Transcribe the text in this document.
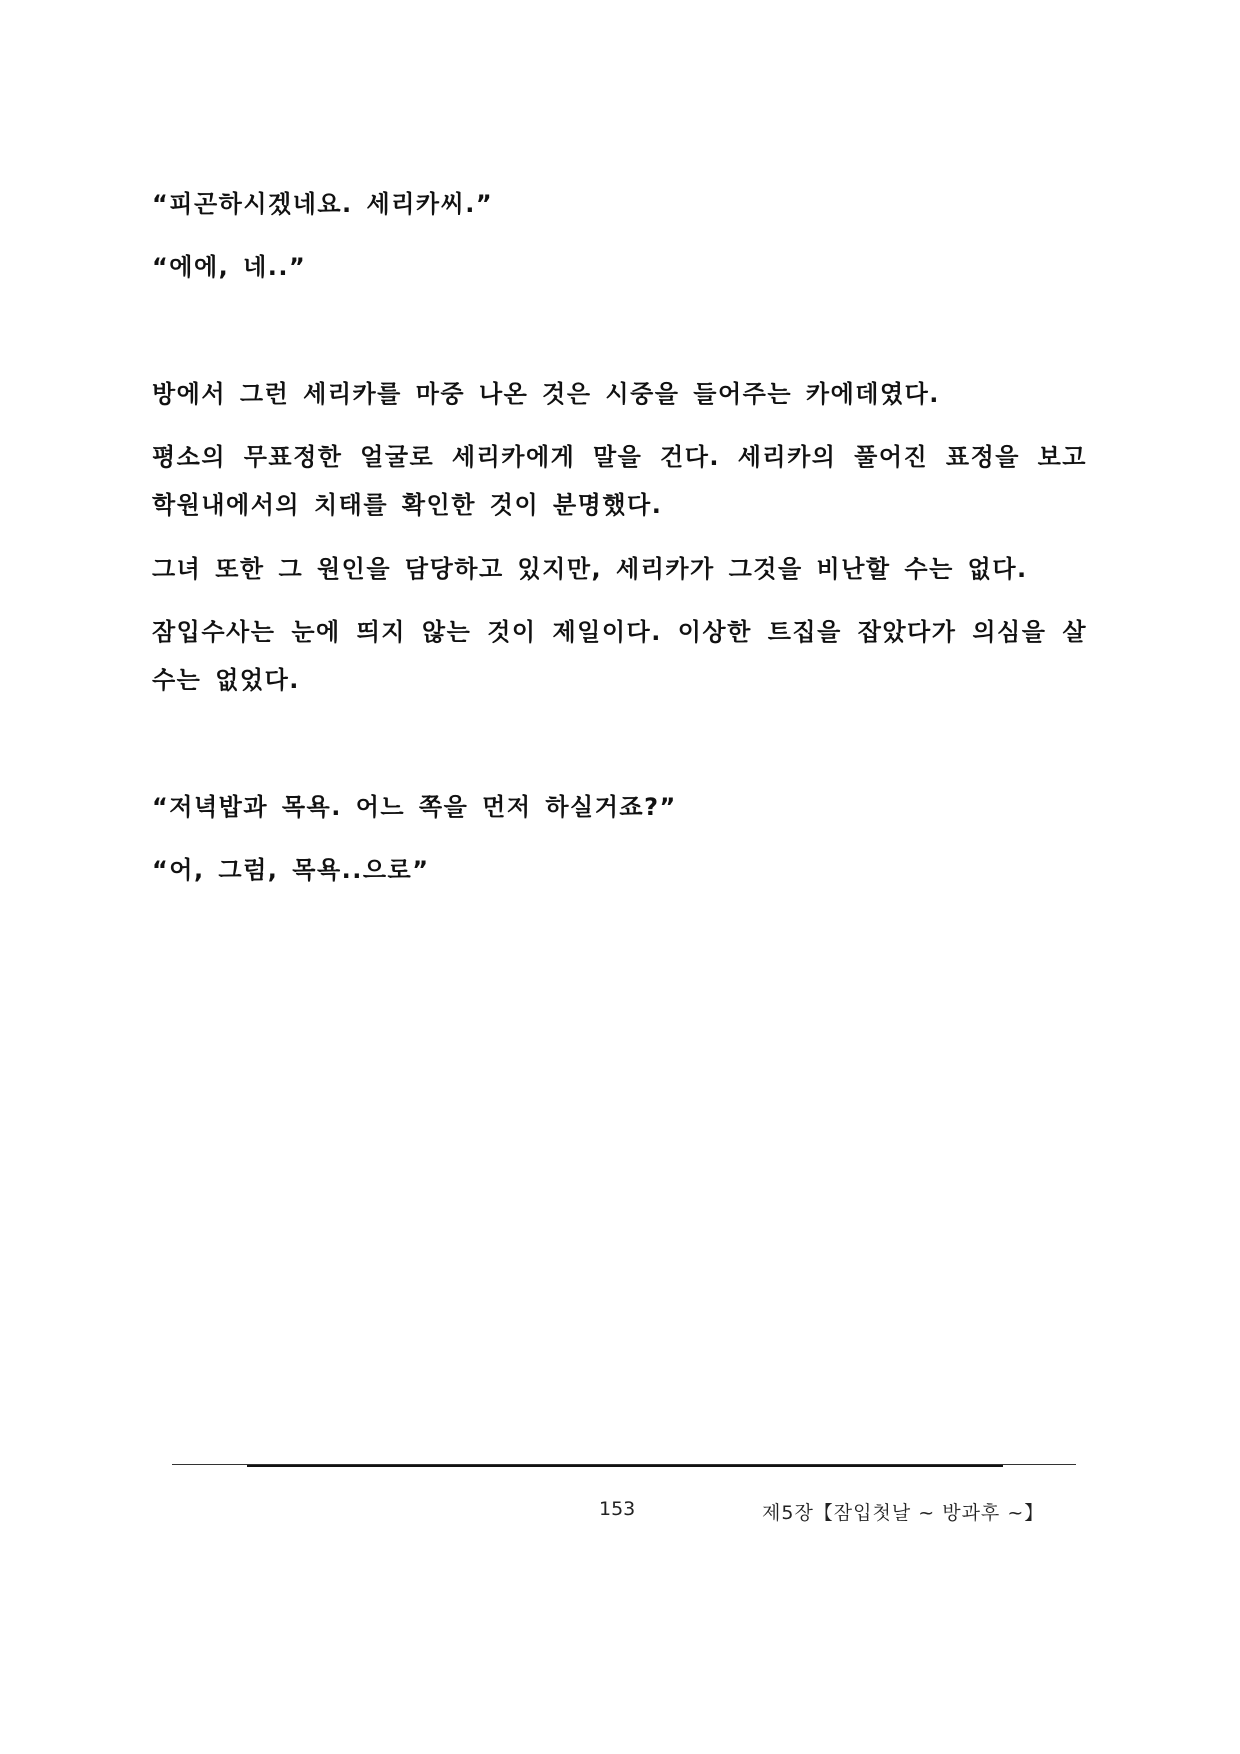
“피곤하시겠네요. 세리카씨.”

“에에, 네..”

방에서 그런 세리카를 마중 나온 것은 시중을 들어주는 카에데였다.

평소의 무표정한 얼굴로 세리카에게 말을 건다. 세리카의 풀어진 표정을 보고 학원내에서의 치태를 확인한 것이 분명했다.

그녀 또한 그 원인을 담당하고 있지만, 세리카가 그것을 비난할 수는 없다.

잠입수사는 눈에 띄지 않는 것이 제일이다. 이상한 트집을 잡았다가 의심을 살 수는 없었다.

“저녁밥과 목욕. 어느 쪽을 먼저 하실거죠?”

“어, 그럼, 목욕..으로”

153	제5장【잠입첫날 ~ 방과후 ~】
